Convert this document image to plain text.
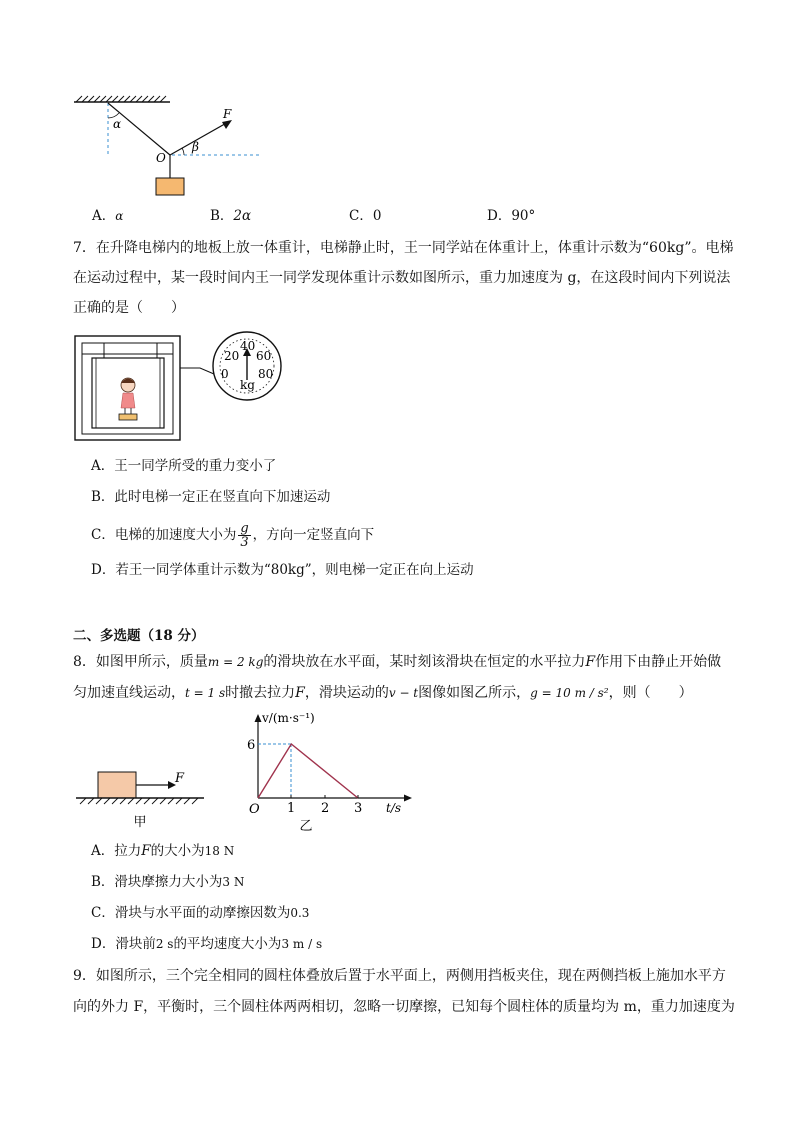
α
β
F
O
A．α	B．2α	C．0	D．90°
7．在升降电梯内的地板上放一体重计，电梯静止时，王一同学站在体重计上，体重计示数为“60kg”。电梯
在运动过程中，某一段时间内王一同学发现体重计示数如图所示，重力加速度为 g，在这段时间内下列说法
正确的是（　　）
40
20 60
0 80
kg
A．王一同学所受的重力变小了
B．此时电梯一定正在竖直向下加速运动
C．电梯的加速度大小为 $\frac{g}{3}$ ，方向一定竖直向下
D．若王一同学体重计示数为“80kg”，则电梯一定正在向上运动
二、多选题（18 分）
8．如图甲所示，质量m = 2 kg的滑块放在水平面，某时刻该滑块在恒定的水平拉力F作用下由静止开始做
匀加速直线运动，t = 1 s时撤去拉力F，滑块运动的v − t图像如图乙所示，g = 10 m / s²，则（　　）
F
甲
v/(m·s⁻¹)
t/s
O
6
1 2 3
乙
A．拉力F的大小为18 N
B．滑块摩擦力大小为3 N
C．滑块与水平面的动摩擦因数为0.3
D．滑块前2 s的平均速度大小为3 m / s
9．如图所示，三个完全相同的圆柱体叠放后置于水平面上，两侧用挡板夹住，现在两侧挡板上施加水平方
向的外力 F，平衡时，三个圆柱体两两相切，忽略一切摩擦，已知每个圆柱体的质量均为 m，重力加速度为
